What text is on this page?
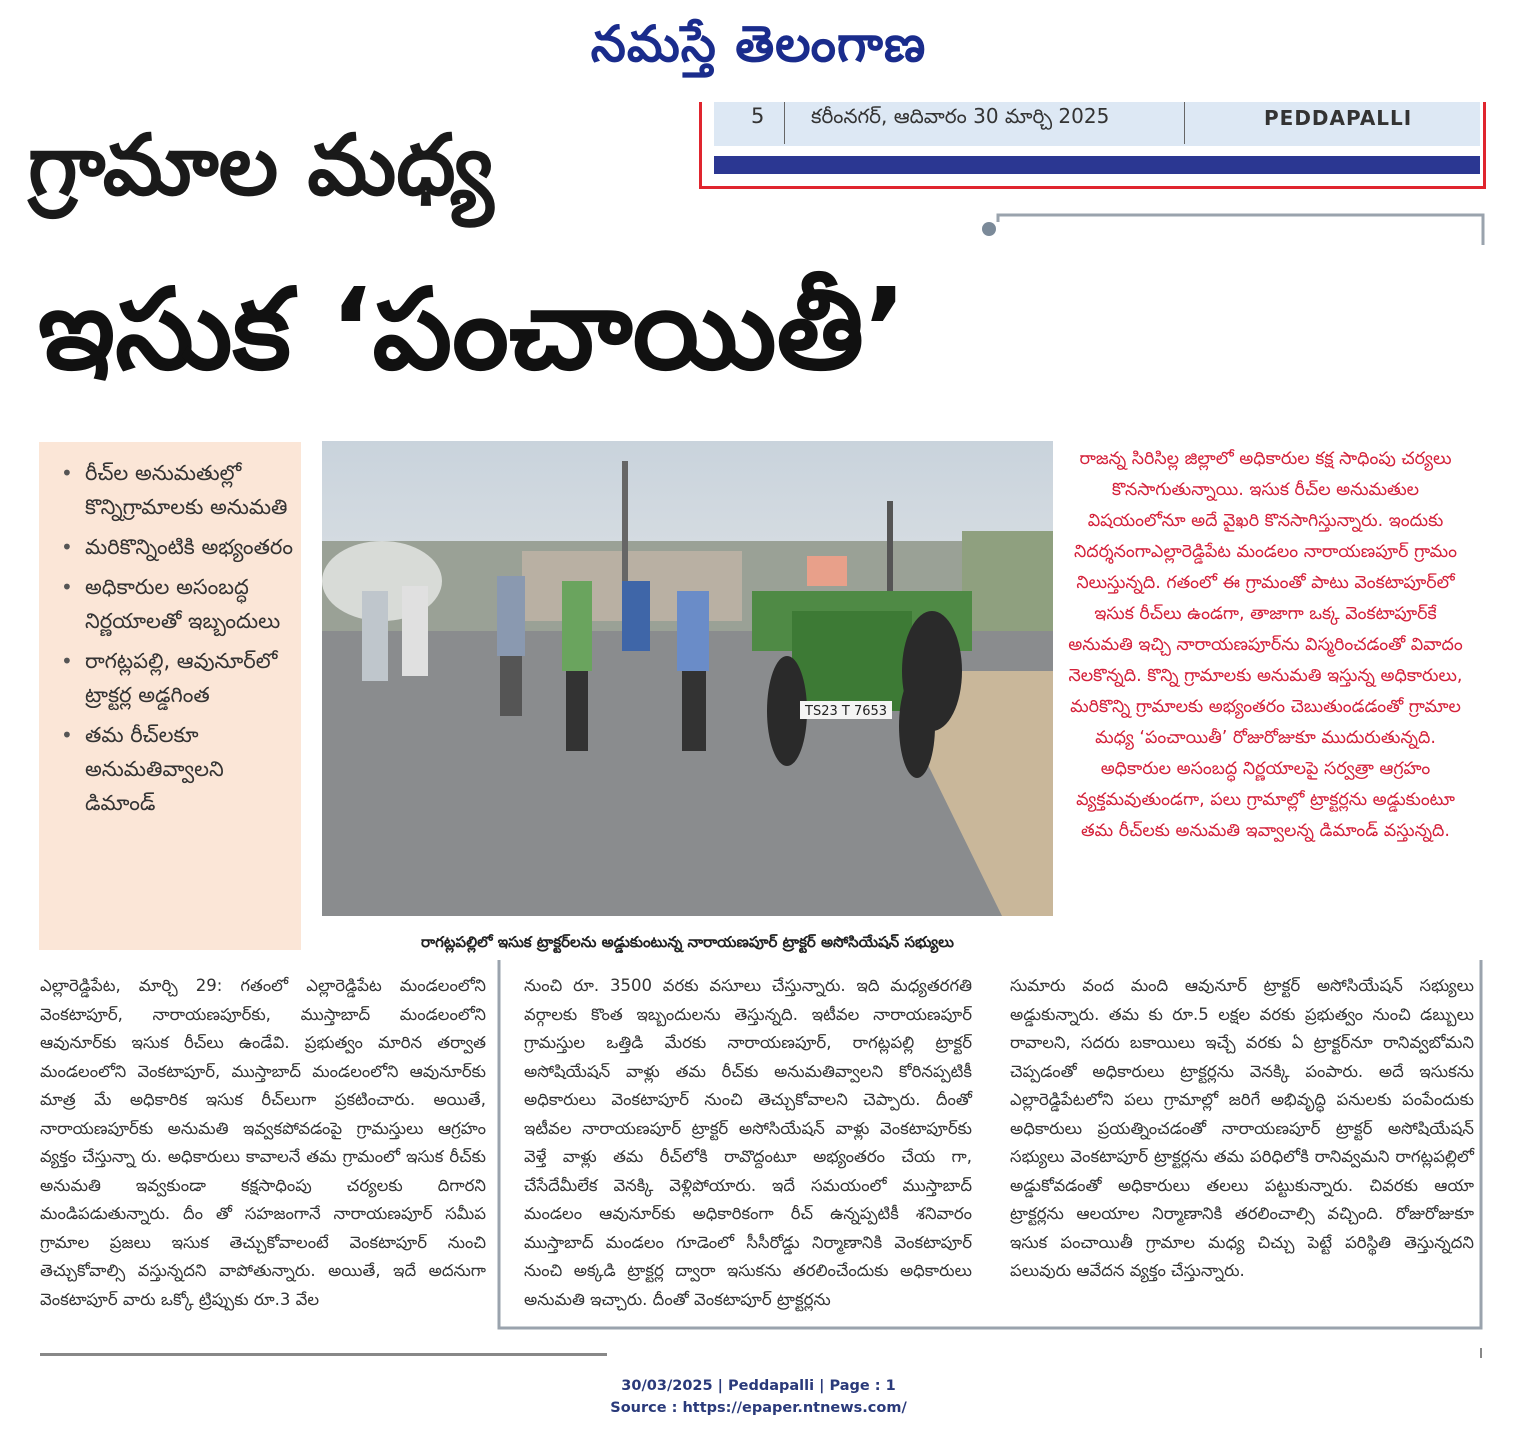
నమస్తే తెలంగాణ
5 కరీంనగర్, ఆదివారం 30 మార్చి 2025	PEDDAPALLI
గ్రామాల మధ్య
ఇసుక ‘పంచాయితీ’
• రీచ్‌ల అనుమతుల్లో కొన్నిగ్రామాలకు అనుమతి
• మరికొన్నింటికి అభ్యంతరం
• అధికారుల అసంబద్ధ నిర్ణయాలతో ఇబ్బందులు
• రాగట్లపల్లి, ఆవునూర్‌లో ట్రాక్టర్ల అడ్డగింత
• తమ రీచ్‌లకూ అనుమతివ్వాలని డిమాండ్
TS23 T 7653
రాగట్లపల్లిలో ఇసుక ట్రాక్టర్‌లను అడ్డుకుంటున్న నారాయణపూర్ ట్రాక్టర్ అసోసియేషన్ సభ్యులు
రాజన్న సిరిసిల్ల జిల్లాలో అధికారుల కక్ష సాధింపు చర్యలు కొనసాగుతున్నాయి. ఇసుక రీచ్‌ల అనుమతుల విషయంలోనూ అదే వైఖరి కొనసాగిస్తున్నారు. ఇందుకు నిదర్శనంగాఎల్లారెడ్డిపేట మండలం నారాయణపూర్ గ్రామం నిలుస్తున్నది. గతంలో ఈ గ్రామంతో పాటు వెంకటాపూర్‌లో ఇసుక రీచ్‌లు ఉండగా, తాజాగా ఒక్క వెంకటాపూర్‌కే అనుమతి ఇచ్చి నారాయణపూర్‌ను విస్మరించడంతో వివాదం నెలకొన్నది. కొన్ని గ్రామాలకు అనుమతి ఇస్తున్న అధికారులు, మరికొన్ని గ్రామాలకు అభ్యంతరం చెబుతుండడంతో గ్రామాల మధ్య ‘పంచాయితీ’ రోజురోజుకూ ముదురుతున్నది. అధికారుల అసంబద్ధ నిర్ణయాలపై సర్వత్రా ఆగ్రహం వ్యక్తమవుతుండగా, పలు గ్రామాల్లో ట్రాక్టర్లను అడ్డుకుంటూ తమ రీచ్‌లకు అనుమతి ఇవ్వాలన్న డిమాండ్ వస్తున్నది.
ఎల్లారెడ్డిపేట, మార్చి 29: గతంలో ఎల్లారెడ్డిపేట మండలంలోని వెంకటాపూర్, నారాయణపూర్‌కు, ముస్తాబాద్ మండలంలోని ఆవునూర్‌కు ఇసుక రీచ్‌లు ఉండేవి. ప్రభుత్వం మారిన తర్వాత మండలంలోని వెంకటాపూర్, ముస్తాబాద్ మండలంలోని ఆవునూర్‌కు మాత్ర మే అధికారిక ఇసుక రీచ్‌లుగా ప్రకటించారు. అయితే, నారాయణపూర్‌కు అనుమతి ఇవ్వకపోవడంపై గ్రామస్తులు ఆగ్రహం వ్యక్తం చేస్తున్నా రు. అధికారులు కావాలనే తమ గ్రామంలో ఇసుక రీచ్‌కు అనుమతి ఇవ్వకుండా కక్షసాధింపు చర్యలకు దిగారని మండిపడుతున్నారు. దీం తో సహజంగానే నారాయణపూర్ సమీప గ్రామాల ప్రజలు ఇసుక తెచ్చుకోవాలంటే వెంకటాపూర్ నుంచి తెచ్చుకోవాల్సి వస్తున్నదని వాపోతున్నారు. అయితే, ఇదే అదనుగా వెంకటాపూర్ వారు ఒక్కో ట్రిప్పుకు రూ.3 వేల
నుంచి రూ. 3500 వరకు వసూలు చేస్తున్నారు. ఇది మధ్యతరగతి వర్గాలకు కొంత ఇబ్బందులను తెస్తున్నది. ఇటీవల నారాయణపూర్ గ్రామస్తుల ఒత్తిడి మేరకు నారాయణపూర్, రాగట్లపల్లి ట్రాక్టర్ అసోషియేషన్ వాళ్లు తమ రీచ్‌కు అనుమతివ్వాలని కోరినప్పటికీ అధికారులు వెంకటాపూర్ నుంచి తెచ్చుకోవాలని చెప్పారు. దీంతో ఇటీవల నారాయణపూర్ ట్రాక్టర్ అసోసియేషన్ వాళ్లు వెంకటాపూర్‌కు వెళ్తే వాళ్లు తమ రీచ్‌లోకి రావొద్దంటూ అభ్యంతరం చేయ గా, చేసేదేమీలేక వెనక్కి వెళ్లిపోయారు. ఇదే సమయంలో ముస్తాబాద్ మండలం ఆవునూర్‌కు అధికారికంగా రీచ్ ఉన్నప్పటికీ శనివారం ముస్తాబాద్ మండలం గూడెంలో సీసీరోడ్డు నిర్మాణానికి వెంకటాపూర్ నుంచి అక్కడి ట్రాక్టర్ల ద్వారా ఇసుకను తరలించేందుకు అధికారులు అనుమతి ఇచ్చారు. దీంతో వెంకటాపూర్ ట్రాక్టర్లను
సుమారు వంద మంది ఆవునూర్ ట్రాక్టర్ అసోసియేషన్ సభ్యులు అడ్డుకున్నారు. తమ కు రూ.5 లక్షల వరకు ప్రభుత్వం నుంచి డబ్బులు రావాలని, సదరు బకాయిలు ఇచ్చే వరకు ఏ ట్రాక్టర్‌నూ రానివ్వబోమని చెప్పడంతో అధికారులు ట్రాక్టర్లను వెనక్కి పంపారు. అదే ఇసుకను ఎల్లారెడ్డిపేటలోని పలు గ్రామాల్లో జరిగే అభివృద్ధి పనులకు పంపేందుకు అధికారులు ప్రయత్నించడంతో నారాయణపూర్ ట్రాక్టర్ అసోషియేషన్ సభ్యులు వెంకటాపూర్ ట్రాక్టర్లను తమ పరిధిలోకి రానివ్వమని రాగట్లపల్లిలో అడ్డుకోవడంతో అధికారులు తలలు పట్టుకున్నారు. చివరకు ఆయా ట్రాక్టర్లను ఆలయాల నిర్మాణానికి తరలించాల్సి వచ్చింది. రోజురోజుకూ ఇసుక పంచాయితీ గ్రామాల మధ్య చిచ్చు పెట్టే పరిస్థితి తెస్తున్నదని పలువురు ఆవేదన వ్యక్తం చేస్తున్నారు.
30/03/2025 | Peddapalli | Page : 1
Source : https://epaper.ntnews.com/
